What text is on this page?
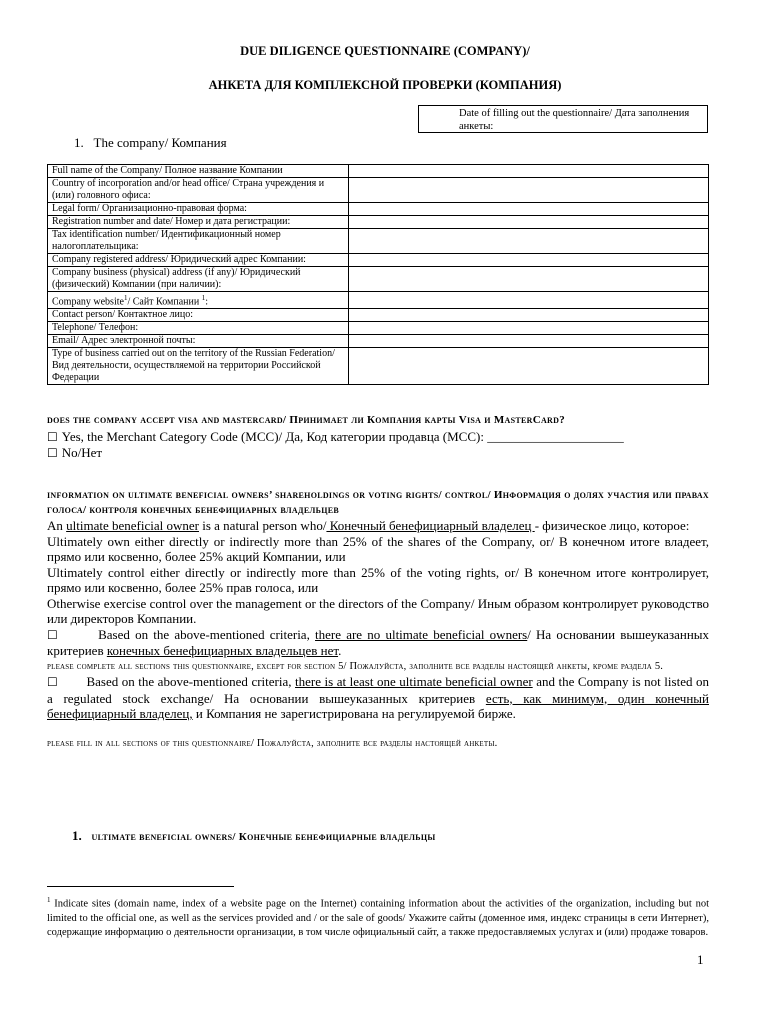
DUE DILIGENCE QUESTIONNAIRE (COMPANY)/
АНКЕТА ДЛЯ КОМПЛЕКСНОЙ ПРОВЕРКИ (КОМПАНИЯ)
Date of filling out the questionnaire/ Дата заполнения анкеты:
1. The company/ Компания
Full name of the Company/ Полное название Компании	
Country of incorporation and/or head office/ Страна учреждения и (или) головного офиса:	
Legal form/ Организационно-правовая форма:	
Registration number and date/ Номер и дата регистрации:	
Tax identification number/ Идентификационный номер налогоплательщика:	
Company registered address/ Юридический адрес Компании:	
Company business (physical) address (if any)/ Юридический (физический) Компании (при наличии):	
Company website$^1$/ Сайт Компании $^1$:	
Contact person/ Контактное лицо:	
Telephone/ Телефон:	
Email/ Адрес электронной почты:	
Type of business carried out on the territory of the Russian Federation/ Вид деятельности, осуществляемой на территории Российской Федерации	
does the company accept visa and mastercard/ Принимает ли Компания карты Visa и MasterCard?
☐ Yes, the Merchant Category Code (MCC)/ Да, Код категории продавца (MCC): _____________________
☐ No/Нет
information on ultimate beneficial owners’ shareholdings or voting rights/ control/ Информация о долях участия или правах голоса/ контроля конечных бенефициарных владельцев
An ultimate beneficial owner is a natural person who/ Конечный бенефициарный владелец - физическое лицо, которое:
Ultimately own either directly or indirectly more than 25% of the shares of the Company, or/ В конечном итоге владеет, прямо или косвенно, более 25% акций Компании, или
Ultimately control either directly or indirectly more than 25% of the voting rights, or/ В конечном итоге контролирует, прямо или косвенно, более 25% прав голоса, или
Otherwise exercise control over the management or the directors of the Company/ Иным образом контролирует руководство или директоров Компании.
☐	Based on the above-mentioned criteria, there are no ultimate beneficial owners/ На основании вышеуказанных критериев конечных бенефициарных владельцев нет.
please complete all sections this questionnaire, except for section 5/ Пожалуйста, заполните все разделы настоящей анкеты, кроме раздела 5.
☐ Based on the above-mentioned criteria, there is at least one ultimate beneficial owner and the Company is not listed on a regulated stock exchange/ На основании вышеуказанных критериев есть, как минимум, один конечный бенефициарный владелец, и Компания не зарегистрирована на регулируемой бирже.
please fill in all sections of this questionnaire/ Пожалуйста, заполните все разделы настоящей анкеты.
1. ultimate beneficial owners/ Конечные бенефициарные владельцы
$^1$ Indicate sites (domain name, index of a website page on the Internet) containing information about the activities of the organization, including but not limited to the official one, as well as the services provided and / or the sale of goods/ Укажите сайты (доменное имя, индекс страницы в сети Интернет), содержащие информацию о деятельности организации, в том числе официальный сайт, а также предоставляемых услугах и (или) продаже товаров.
1
